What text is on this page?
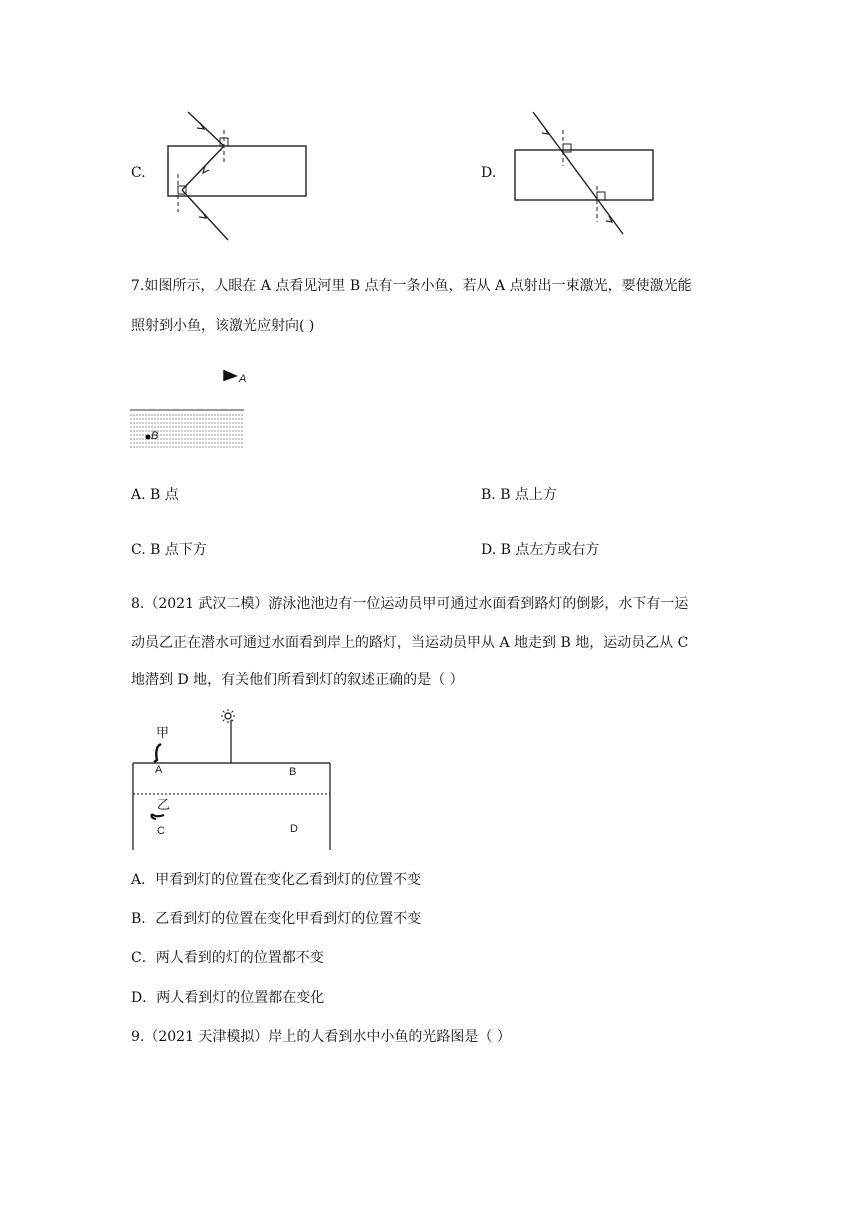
C.	D.
7.如图所示，人眼在 A 点看见河里 B 点有一条小鱼，若从 A 点射出一束激光，要使激光能
照射到小鱼，该激光应射向( )
A
B
A. B 点	B. B 点上方
C. B 点下方	D. B 点左方或右方
8.（2021 武汉二模）游泳池池边有一位运动员甲可通过水面看到路灯的倒影，水下有一运
动员乙正在潜水可通过水面看到岸上的路灯，当运动员甲从 A 地走到 B 地，运动员乙从 C
地潜到 D 地，有关他们所看到灯的叙述正确的是（ ）
甲
A	B
乙
C	D
A．甲看到灯的位置在变化乙看到灯的位置不变
B．乙看到灯的位置在变化甲看到灯的位置不变
C．两人看到的灯的位置都不变
D．两人看到灯的位置都在变化
9.（2021 天津模拟）岸上的人看到水中小鱼的光路图是（ ）
